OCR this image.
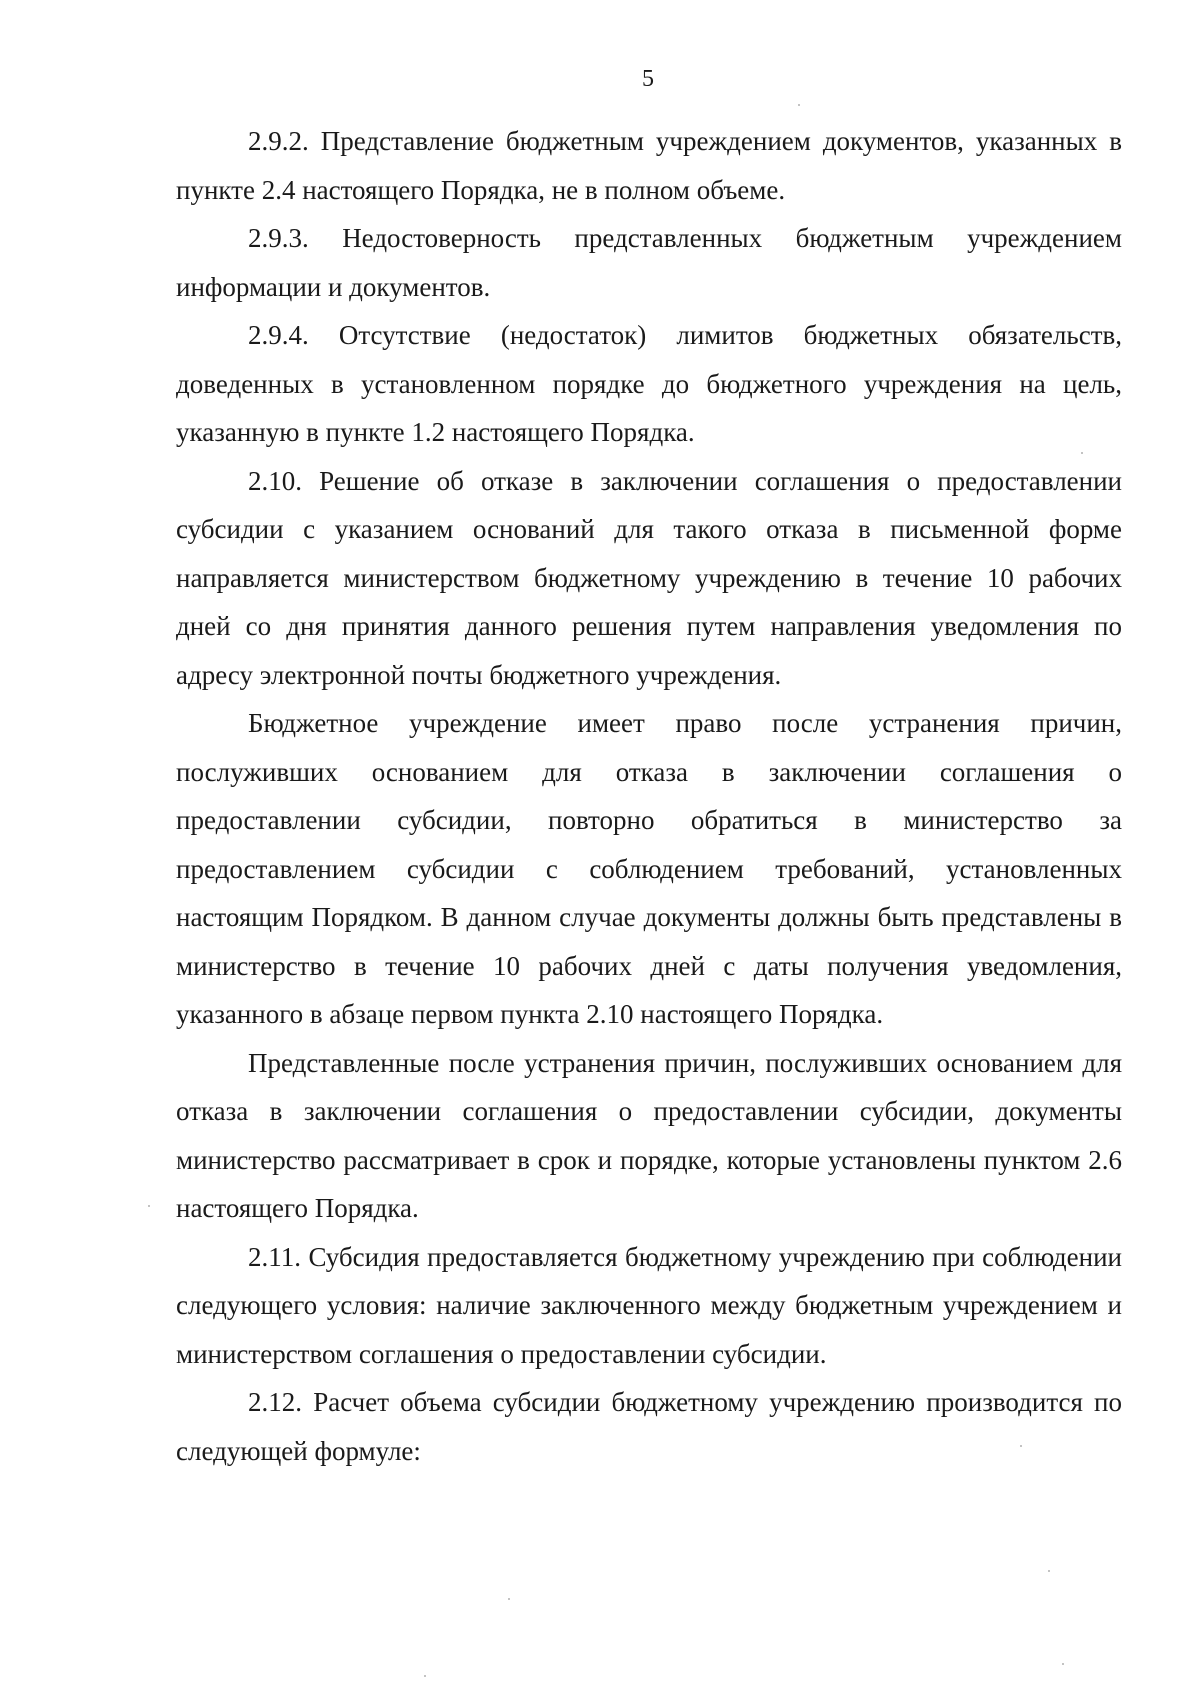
5

2.9.2. Представление бюджетным учреждением документов, указанных в пункте 2.4 настоящего Порядка, не в полном объеме.

2.9.3. Недостоверность представленных бюджетным учреждением информации и документов.

2.9.4. Отсутствие (недостаток) лимитов бюджетных обязательств, доведенных в установленном порядке до бюджетного учреждения на цель, указанную в пункте 1.2 настоящего Порядка.

2.10. Решение об отказе в заключении соглашения о предоставлении субсидии с указанием оснований для такого отказа в письменной форме направляется министерством бюджетному учреждению в течение 10 рабочих дней со дня принятия данного решения путем направления уведомления по адресу электронной почты бюджетного учреждения.

Бюджетное учреждение имеет право после устранения причин, послуживших основанием для отказа в заключении соглашения о предоставлении субсидии, повторно обратиться в министерство за предоставлением субсидии с соблюдением требований, установленных настоящим Порядком. В данном случае документы должны быть представлены в министерство в течение 10 рабочих дней с даты получения уведомления, указанного в абзаце первом пункта 2.10 настоящего Порядка.

Представленные после устранения причин, послуживших основанием для отказа в заключении соглашения о предоставлении субсидии, документы министерство рассматривает в срок и порядке, которые установлены пунктом 2.6 настоящего Порядка.

2.11. Субсидия предоставляется бюджетному учреждению при соблюдении следующего условия: наличие заключенного между бюджетным учреждением и министерством соглашения о предоставлении субсидии.

2.12. Расчет объема субсидии бюджетному учреждению производится по следующей формуле:
